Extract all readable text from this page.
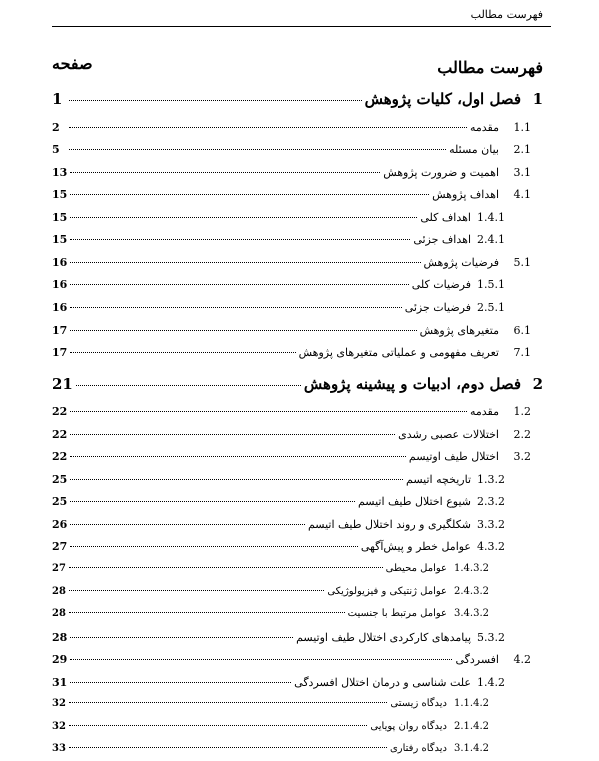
فهرست مطالب
فهرست مطالب
صفحه
1
فصل اول، کلیات پژوهش
1
1.1
مقدمه
2
2.1
بیان مسئله
5
3.1
اهمیت و ضرورت پژوهش
13
4.1
اهداف پژوهش
15
1.4.1
اهداف کلی
15
2.4.1
اهداف جزئی
15
5.1
فرضیات پژوهش
16
1.5.1
فرضیات کلی
16
2.5.1
فرضیات جزئی
16
6.1
متغیرهای پژوهش
17
7.1
تعریف مفهومی و عملیاتی متغیرهای پژوهش
17
2
فصل دوم، ادبیات و پیشینه پژوهش
21
1.2
مقدمه
22
2.2
اختلالات عصبی رشدی
22
3.2
اختلال طیف اوتیسم
22
1.3.2
تاریخچه اتیسم
25
2.3.2
شیوع اختلال طیف اتیسم
25
3.3.2
شکلگیری و روند اختلال طیف اتیسم
26
4.3.2
عوامل خطر و پیش‌آگهی
27
1.4.3.2
عوامل محیطی
27
2.4.3.2
عوامل ژنتیکی و فیزیولوژیکی
28
3.4.3.2
عوامل مرتبط با جنسیت
28
5.3.2
پیامدهای کارکردی اختلال طیف اوتیسم
28
4.2
افسردگی
29
1.4.2
علت شناسی و درمان اختلال افسردگی
31
1.1.4.2
دیدگاه زیستی
32
2.1.4.2
دیدگاه روان پویایی
32
3.1.4.2
دیدگاه رفتاری
33
